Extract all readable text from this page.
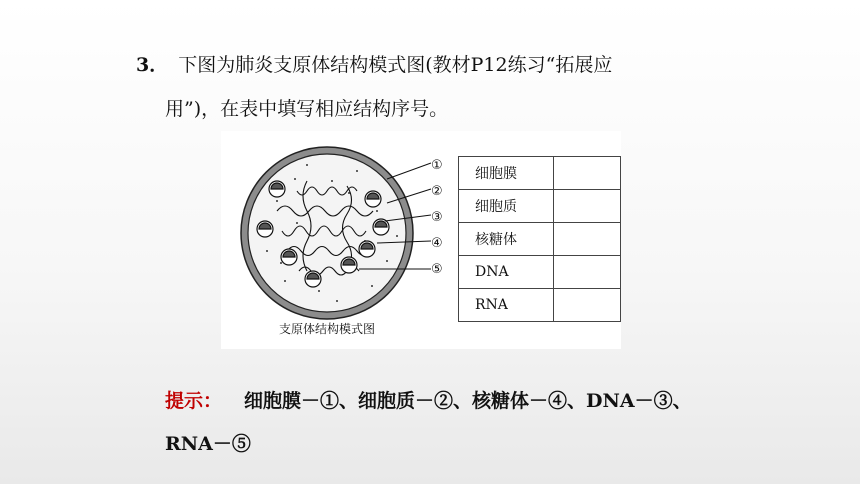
3． 下图为肺炎支原体结构模式图(教材P12练习“拓展应
用”)，在表中填写相应结构序号。
①
②
③
④
⑤
支原体结构模式图
细胞膜	
细胞质	
核糖体	
DNA	
RNA	
提示： 细胞膜－①、细胞质－②、核糖体－④、DNA－③、
RNA－⑤
